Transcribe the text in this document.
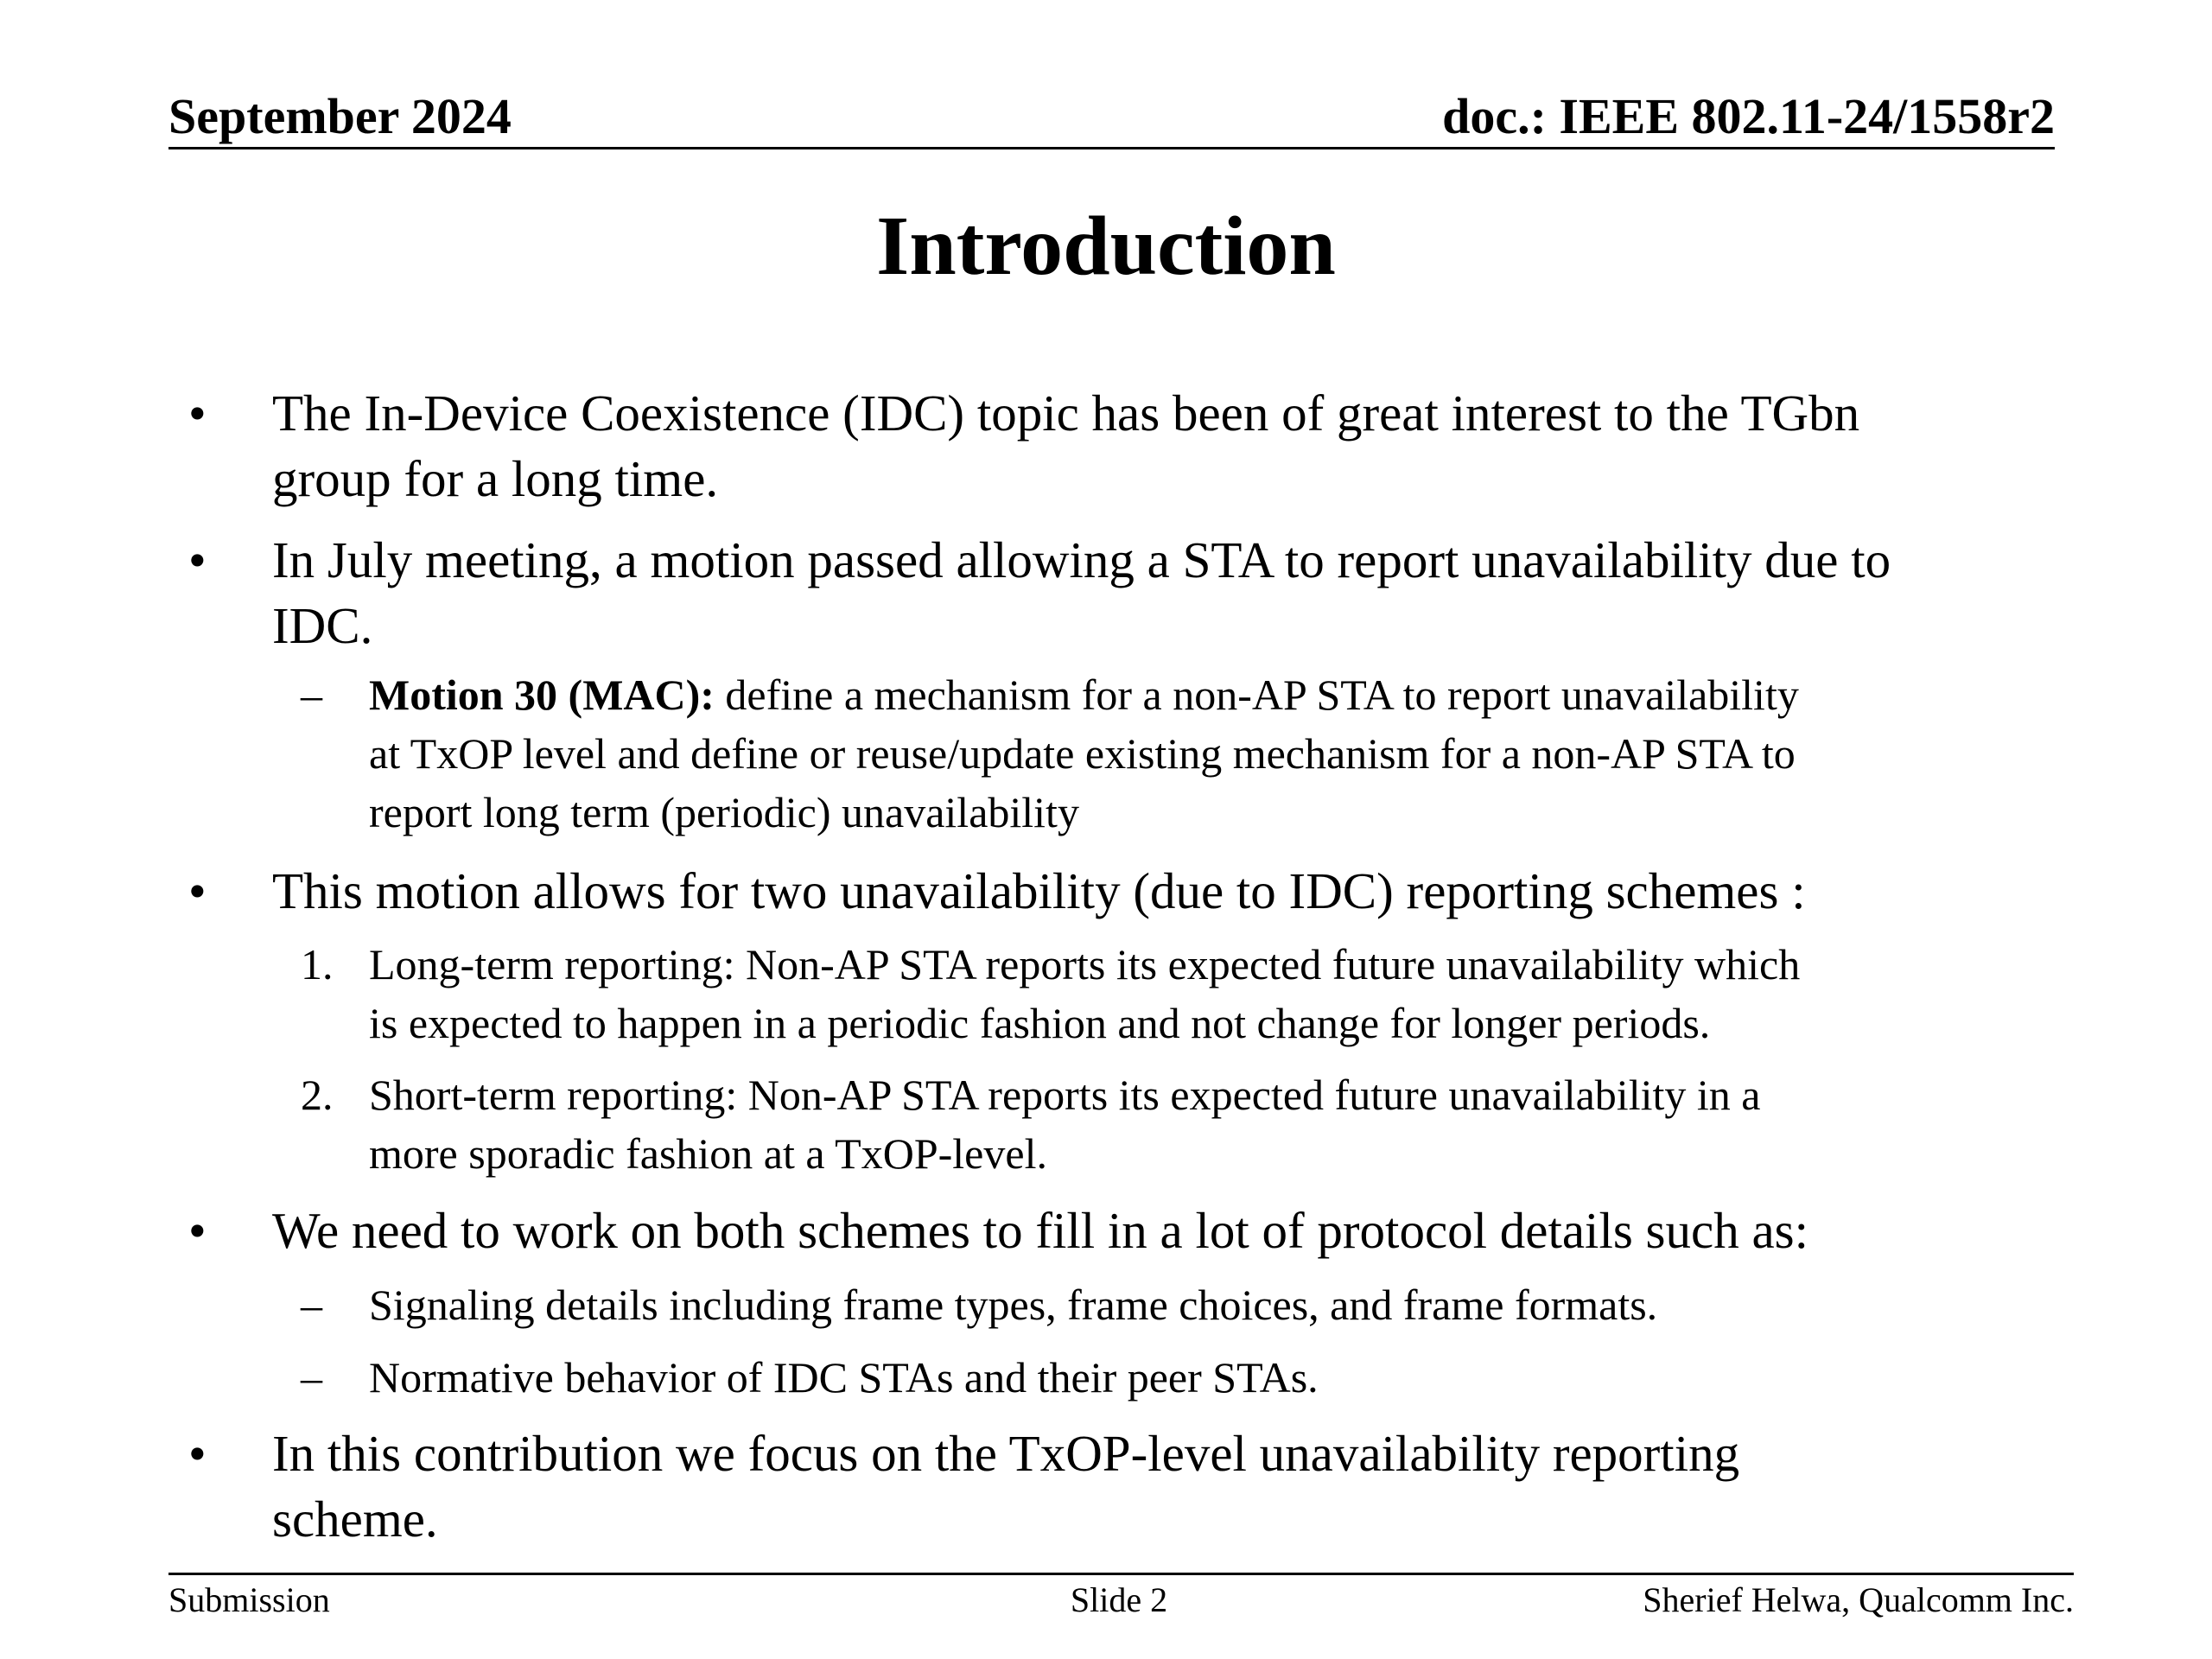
September 2024	doc.: IEEE 802.11-24/1558r2
Introduction
• The In-Device Coexistence (IDC) topic has been of great interest to the TGbn
group for a long time.
• In July meeting, a motion passed allowing a STA to report unavailability due to
IDC.
– Motion 30 (MAC): define a mechanism for a non-AP STA to report unavailability
at TxOP level and define or reuse/update existing mechanism for a non-AP STA to
report long term (periodic) unavailability
• This motion allows for two unavailability (due to IDC) reporting schemes :
1. Long-term reporting: Non-AP STA reports its expected future unavailability which
is expected to happen in a periodic fashion and not change for longer periods.
2. Short-term reporting: Non-AP STA reports its expected future unavailability in a
more sporadic fashion at a TxOP-level.
• We need to work on both schemes to fill in a lot of protocol details such as:
– Signaling details including frame types, frame choices, and frame formats.
– Normative behavior of IDC STAs and their peer STAs.
• In this contribution we focus on the TxOP-level unavailability reporting
scheme.
Submission	Slide 2	Sherief Helwa, Qualcomm Inc.
